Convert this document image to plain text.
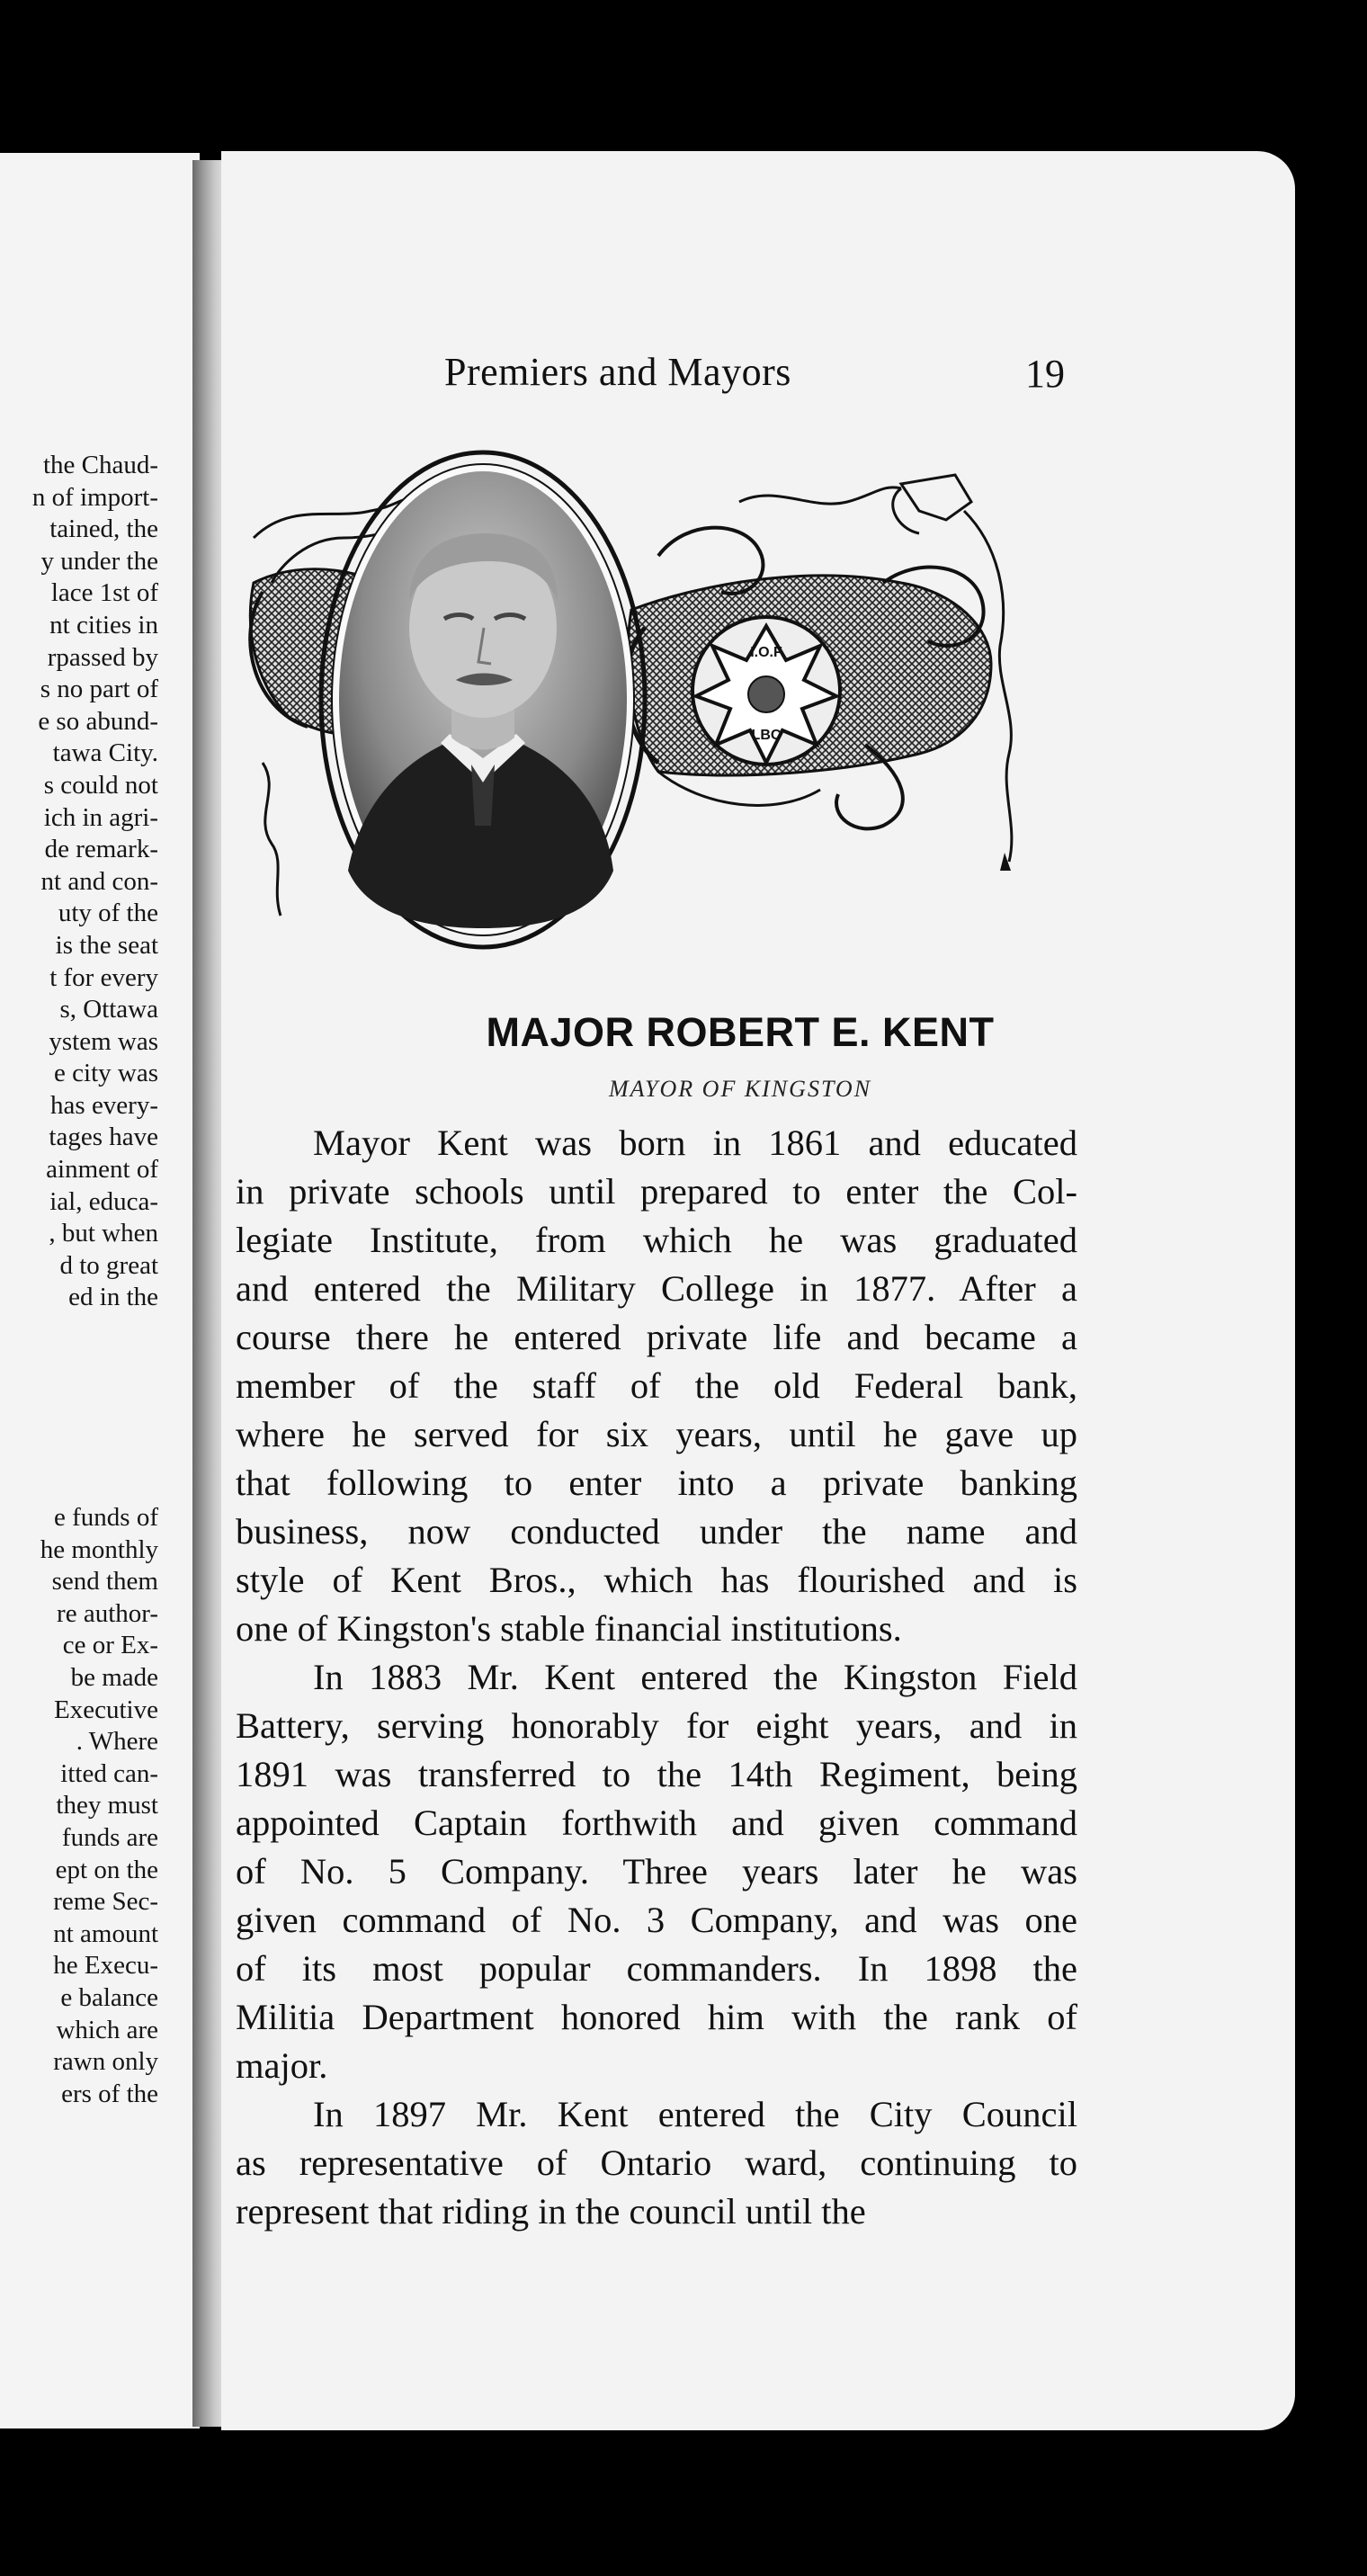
the Chaud-
n of import-
tained, the
y under the
lace 1st of
nt cities in
rpassed by
s no part of
e so abund-
tawa City.
s could not
ich in agri-
de remark-
nt and con-
uty of the
is the seat
t for every
s, Ottawa
ystem was
e city was
has every-
tages have
ainment of
ial, educa-
, but when
d to great
ed in the
e funds of
he monthly
send them
re author-
ce or Ex-
be made
Executive
. Where
itted can-
they must
funds are
ept on the
reme Sec-
nt amount
he Execu-
e balance
which are
rawn only
ers of the
Premiers and Mayors	19
I.O.F
LBC
MAJOR ROBERT E. KENT
MAYOR OF KINGSTON
Mayor Kent was born in 1861 and educated
in private schools until prepared to enter the Col-
legiate Institute, from which he was graduated
and entered the Military College in 1877. After a
course there he entered private life and became a
member of the staff of the old Federal bank,
where he served for six years, until he gave up
that following to enter into a private banking
business, now conducted under the name and
style of Kent Bros., which has flourished and is
one of Kingston's stable financial institutions.
In 1883 Mr. Kent entered the Kingston Field
Battery, serving honorably for eight years, and in
1891 was transferred to the 14th Regiment, being
appointed Captain forthwith and given command
of No. 5 Company. Three years later he was
given command of No. 3 Company, and was one
of its most popular commanders. In 1898 the
Militia Department honored him with the rank of
major.
In 1897 Mr. Kent entered the City Council
as representative of Ontario ward, continuing to
represent that riding in the council until the
